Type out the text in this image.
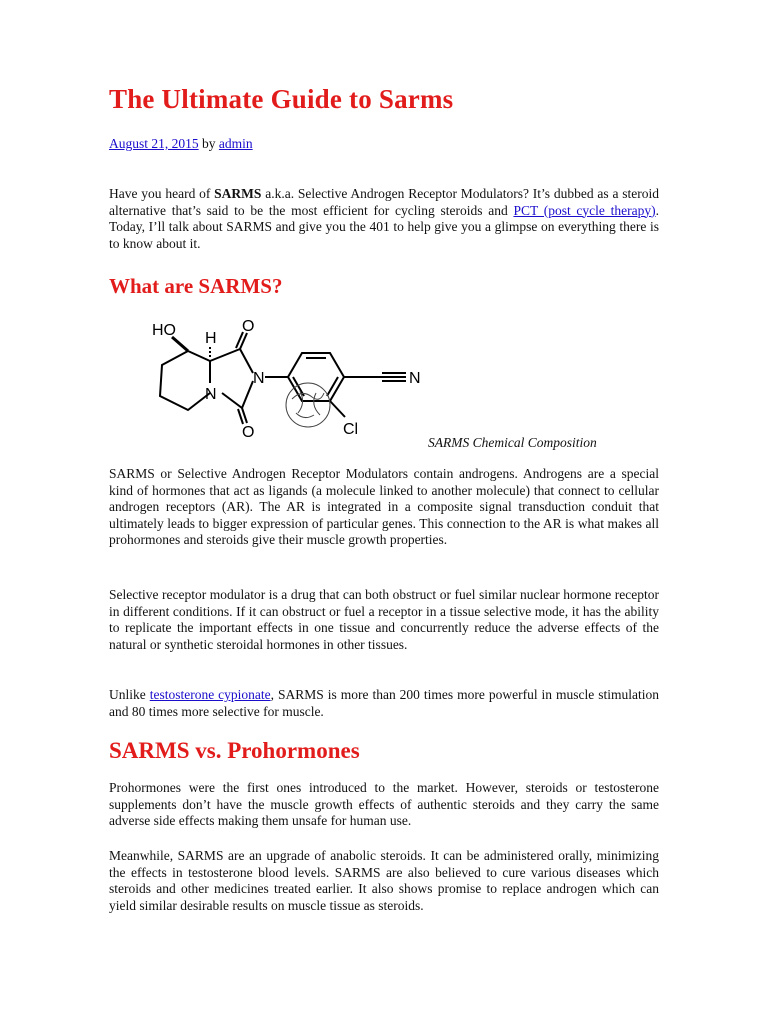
The Ultimate Guide to Sarms
August 21, 2015 by admin

Have you heard of SARMS a.k.a. Selective Androgen Receptor Modulators? It’s dubbed as a steroid alternative that’s said to be the most efficient for cycling steroids and PCT (post cycle therapy). Today, I’ll talk about SARMS and give you the 401 to help give you a glimpse on everything there is to know about it.

What are SARMS?
HO H
O
N
N
O
N
Cl
SARMS Chemical Composition

SARMS or Selective Androgen Receptor Modulators contain androgens. Androgens are a special kind of hormones that act as ligands (a molecule linked to another molecule) that connect to cellular androgen receptors (AR). The AR is integrated in a composite signal transduction conduit that ultimately leads to bigger expression of particular genes. This connection to the AR is what makes all prohormones and steroids give their muscle growth properties.

Selective receptor modulator is a drug that can both obstruct or fuel similar nuclear hormone receptor in different conditions. If it can obstruct or fuel a receptor in a tissue selective mode, it has the ability to replicate the important effects in one tissue and concurrently reduce the adverse effects of the natural or synthetic steroidal hormones in other tissues.

Unlike testosterone cypionate, SARMS is more than 200 times more powerful in muscle stimulation and 80 times more selective for muscle.

SARMS vs. Prohormones

Prohormones were the first ones introduced to the market. However, steroids or testosterone supplements don’t have the muscle growth effects of authentic steroids and they carry the same adverse side effects making them unsafe for human use.

Meanwhile, SARMS are an upgrade of anabolic steroids. It can be administered orally, minimizing the effects in testosterone blood levels. SARMS are also believed to cure various diseases which steroids and other medicines treated earlier. It also shows promise to replace androgen which can yield similar desirable results on muscle tissue as steroids.
